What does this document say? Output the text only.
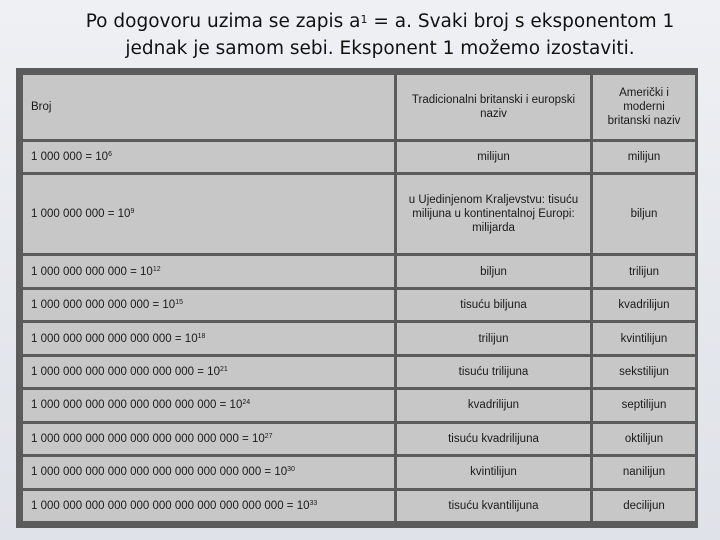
Po dogovoru uzima se zapis $a^1 = a$. Svaki broj s eksponentom 1
jednak je samom sebi. Eksponent 1 možemo izostaviti.
Broj	Tradicionalni britanski i europski naziv	Američki i moderni britanski naziv
1 000 $000 = 10^6$	milijun	milijun
1 000 000 $000 = 10^9$	u Ujedinjenom Kraljevstvu: tisuću milijuna u kontinentalnoj Europi: milijarda	biljun
1 000 000 000 $000 = 10^{12}$	biljun	trilijun
1 000 000 000 000 $000 = 10^{15}$	tisuću biljuna	kvadrilijun
1 000 000 000 000 000 $000 = 10^{18}$	trilijun	kvintilijun
1 000 000 000 000 000 000 $000 = 10^{21}$	tisuću trilijuna	sekstilijun
1 000 000 000 000 000 000 000 $000 = 10^{24}$	kvadrilijun	septilijun
1 000 000 000 000 000 000 000 000 $000 = 10^{27}$	tisuću kvadrilijuna	oktilijun
1 000 000 000 000 000 000 000 000 000 $000 = 10^{30}$	kvintilijun	nanilijun
1 000 000 000 000 000 000 000 000 000 000 $000 = 10^{33}$	tisuću kvantilijuna	decilijun
